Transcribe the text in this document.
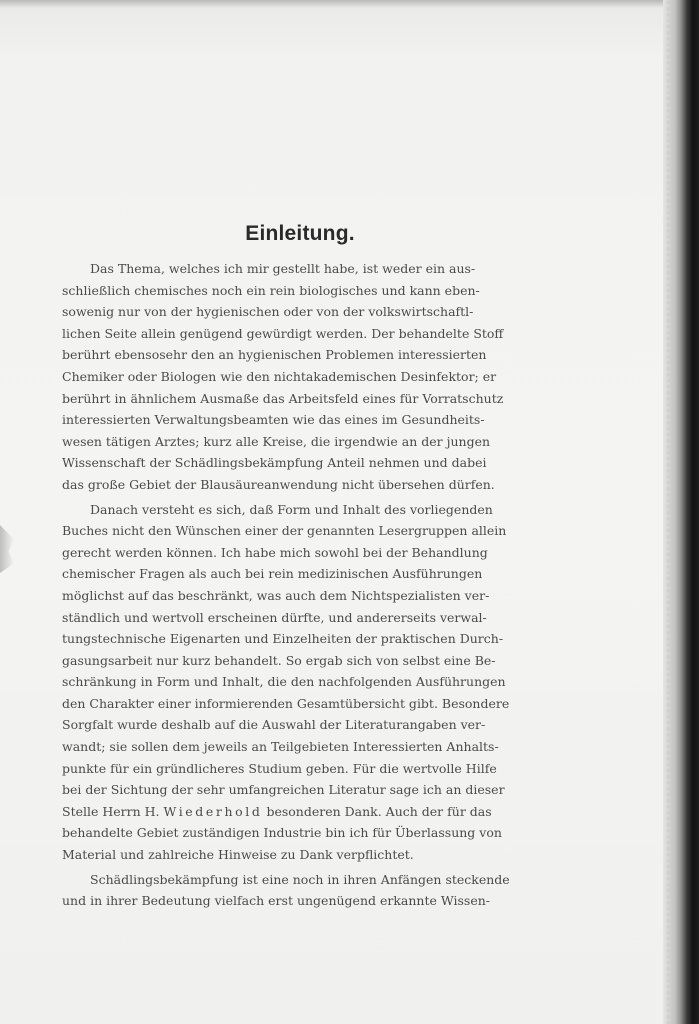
Einleitung.
Das Thema, welches ich mir gestellt habe, ist weder ein aus-
schließlich chemisches noch ein rein biologisches und kann eben-
sowenig nur von der hygienischen oder von der volkswirtschaftl-
lichen Seite allein genügend gewürdigt werden. Der behandelte Stoff
berührt ebensosehr den an hygienischen Problemen interessierten
Chemiker oder Biologen wie den nichtakademischen Desinfektor; er
berührt in ähnlichem Ausmaße das Arbeitsfeld eines für Vorratschutz
interessierten Verwaltungsbeamten wie das eines im Gesundheits-
wesen tätigen Arztes; kurz alle Kreise, die irgendwie an der jungen
Wissenschaft der Schädlingsbekämpfung Anteil nehmen und dabei
das große Gebiet der Blausäureanwendung nicht übersehen dürfen.
Danach versteht es sich, daß Form und Inhalt des vorliegenden
Buches nicht den Wünschen einer der genannten Lesergruppen allein
gerecht werden können. Ich habe mich sowohl bei der Behandlung
chemischer Fragen als auch bei rein medizinischen Ausführungen
möglichst auf das beschränkt, was auch dem Nichtspezialisten ver-
ständlich und wertvoll erscheinen dürfte, und andererseits verwal-
tungstechnische Eigenarten und Einzelheiten der praktischen Durch-
gasungsarbeit nur kurz behandelt. So ergab sich von selbst eine Be-
schränkung in Form und Inhalt, die den nachfolgenden Ausführungen
den Charakter einer informierenden Gesamtübersicht gibt. Besondere
Sorgfalt wurde deshalb auf die Auswahl der Literaturangaben ver-
wandt; sie sollen dem jeweils an Teilgebieten Interessierten Anhalts-
punkte für ein gründlicheres Studium geben. Für die wertvolle Hilfe
bei der Sichtung der sehr umfangreichen Literatur sage ich an dieser
Stelle Herrn H. Wiederhold besonderen Dank. Auch der für das
behandelte Gebiet zuständigen Industrie bin ich für Überlassung von
Material und zahlreiche Hinweise zu Dank verpflichtet.
Schädlingsbekämpfung ist eine noch in ihren Anfängen steckende
und in ihrer Bedeutung vielfach erst ungenügend erkannte Wissen-
